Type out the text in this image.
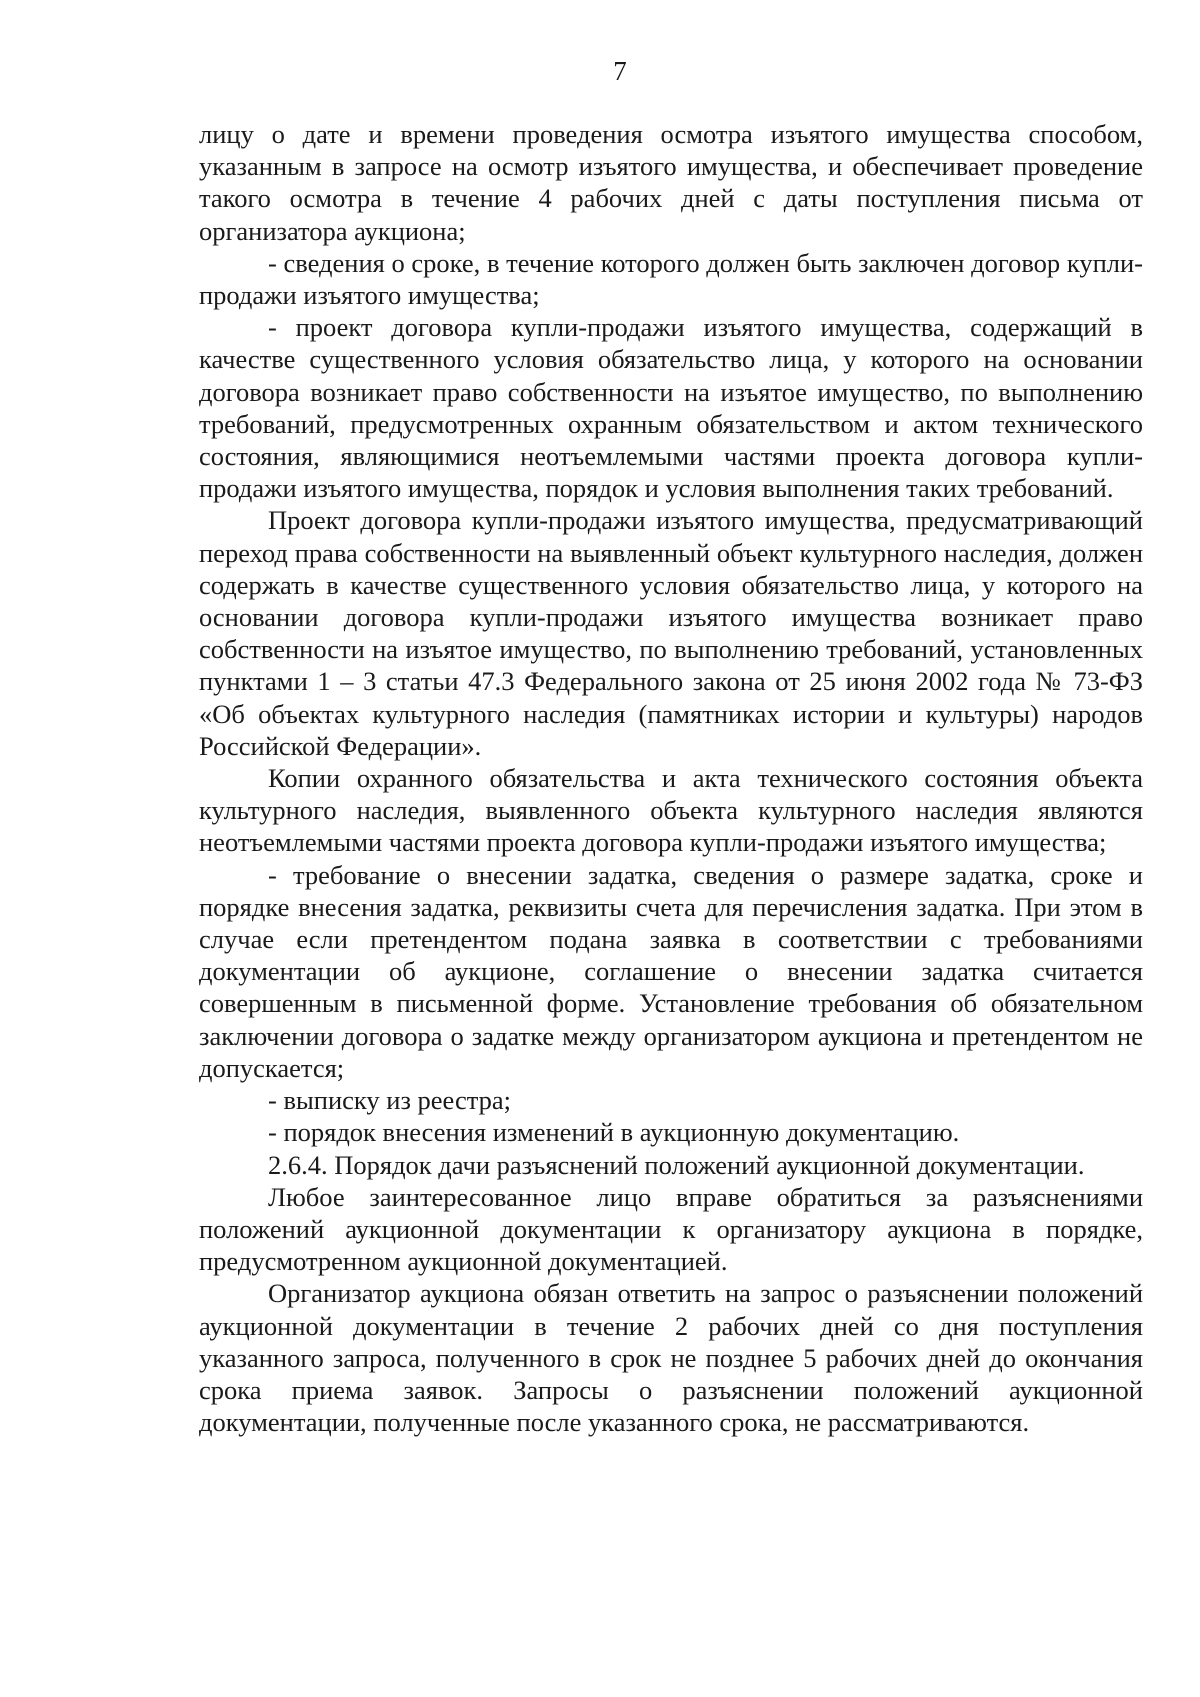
7

лицу о дате и времени проведения осмотра изъятого имущества способом, указанным в запросе на осмотр изъятого имущества, и обеспечивает проведение такого осмотра в течение 4 рабочих дней с даты поступления письма от организатора аукциона;

- сведения о сроке, в течение которого должен быть заключен договор купли-продажи изъятого имущества;

- проект договора купли-продажи изъятого имущества, содержащий в качестве существенного условия обязательство лица, у которого на основании договора возникает право собственности на изъятое имущество, по выполнению требований, предусмотренных охранным обязательством и актом технического состояния, являющимися неотъемлемыми частями проекта договора купли-продажи изъятого имущества, порядок и условия выполнения таких требований.

Проект договора купли-продажи изъятого имущества, предусматривающий переход права собственности на выявленный объект культурного наследия, должен содержать в качестве существенного условия обязательство лица, у которого на основании договора купли-продажи изъятого имущества возникает право собственности на изъятое имущество, по выполнению требований, установленных пунктами 1 – 3 статьи 47.3 Федерального закона от 25 июня 2002 года № 73-ФЗ «Об объектах культурного наследия (памятниках истории и культуры) народов Российской Федерации».

Копии охранного обязательства и акта технического состояния объекта культурного наследия, выявленного объекта культурного наследия являются неотъемлемыми частями проекта договора купли-продажи изъятого имущества;

- требование о внесении задатка, сведения о размере задатка, сроке и порядке внесения задатка, реквизиты счета для перечисления задатка. При этом в случае если претендентом подана заявка в соответствии с требованиями документации об аукционе, соглашение о внесении задатка считается совершенным в письменной форме. Установление требования об обязательном заключении договора о задатке между организатором аукциона и претендентом не допускается;

- выписку из реестра;

- порядок внесения изменений в аукционную документацию.

2.6.4. Порядок дачи разъяснений положений аукционной документации.

Любое заинтересованное лицо вправе обратиться за разъяснениями положений аукционной документации к организатору аукциона в порядке, предусмотренном аукционной документацией.

Организатор аукциона обязан ответить на запрос о разъяснении положений аукционной документации в течение 2 рабочих дней со дня поступления указанного запроса, полученного в срок не позднее 5 рабочих дней до окончания срока приема заявок. Запросы о разъяснении положений аукционной документации, полученные после указанного срока, не рассматриваются.
